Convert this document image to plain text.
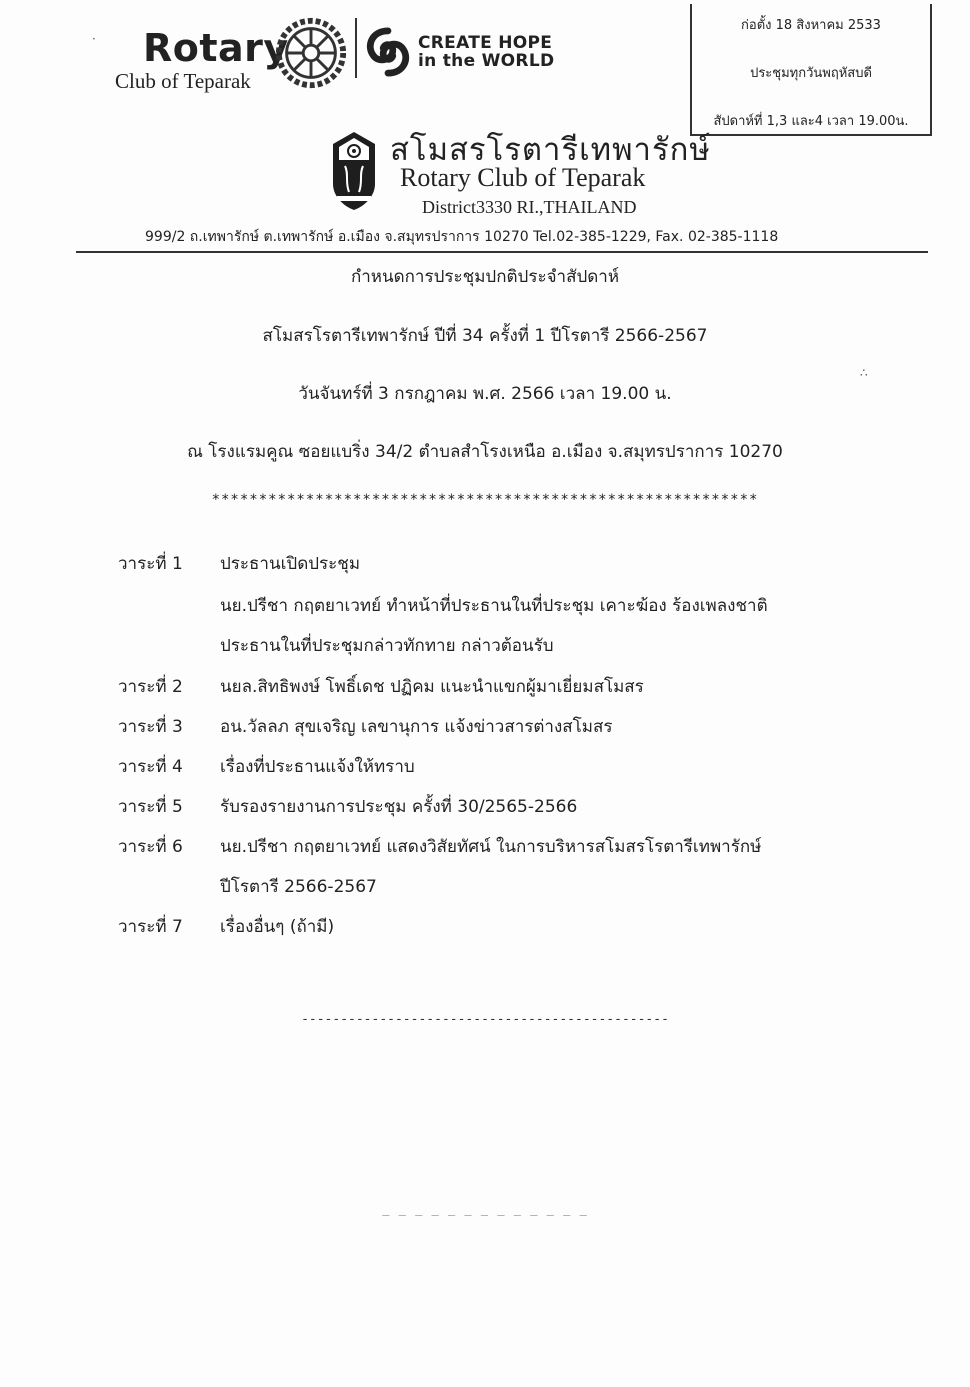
Rotary
Club of Teparak
CREATE HOPE
in the WORLD
ก่อตั้ง 18 สิงหาคม 2533
ประชุมทุกวันพฤหัสบดี
สัปดาห์ที่ 1,3 และ4 เวลา 19.00น.
สโมสรโรตารีเทพารักษ์
Rotary Club of Teparak
District3330 RI.,THAILAND
999/2 ถ.เทพารักษ์ ต.เทพารักษ์ อ.เมือง จ.สมุทรปราการ 10270 Tel.02-385-1229, Fax. 02-385-1118
กำหนดการประชุมปกติประจำสัปดาห์
สโมสรโรตารีเทพารักษ์ ปีที่ 34 ครั้งที่ 1 ปีโรตารี 2566-2567
วันจันทร์ที่ 3 กรกฎาคม พ.ศ. 2566 เวลา 19.00 น.
ณ โรงแรมคูณ ซอยแบริ่ง 34/2 ตำบลสำโรงเหนือ อ.เมือง จ.สมุทรปราการ 10270
**********************************************************
วาระที่ 1 ประธานเปิดประชุม
นย.ปรีชา กฤตยาเวทย์ ทำหน้าที่ประธานในที่ประชุม เคาะฆ้อง ร้องเพลงชาติ
ประธานในที่ประชุมกล่าวทักทาย กล่าวต้อนรับ
วาระที่ 2 นยล.สิทธิพงษ์ โพธิ์เดช ปฏิคม แนะนำแขกผู้มาเยี่ยมสโมสร
วาระที่ 3 อน.วัลลภ สุขเจริญ เลขานุการ แจ้งข่าวสารต่างสโมสร
วาระที่ 4 เรื่องที่ประธานแจ้งให้ทราบ
วาระที่ 5 รับรองรายงานการประชุม ครั้งที่ 30/2565-2566
วาระที่ 6 นย.ปรีชา กฤตยาเวทย์ แสดงวิสัยทัศน์ ในการบริหารสโมสรโรตารีเทพารักษ์
ปีโรตารี 2566-2567
วาระที่ 7 เรื่องอื่นๆ (ถ้ามี)
-----------------------------------------------
·
∴
‒ ‒ ‒ ‒ ‒ ‒ ‒ ‒ ‒ ‒ ‒ ‒ ‒
